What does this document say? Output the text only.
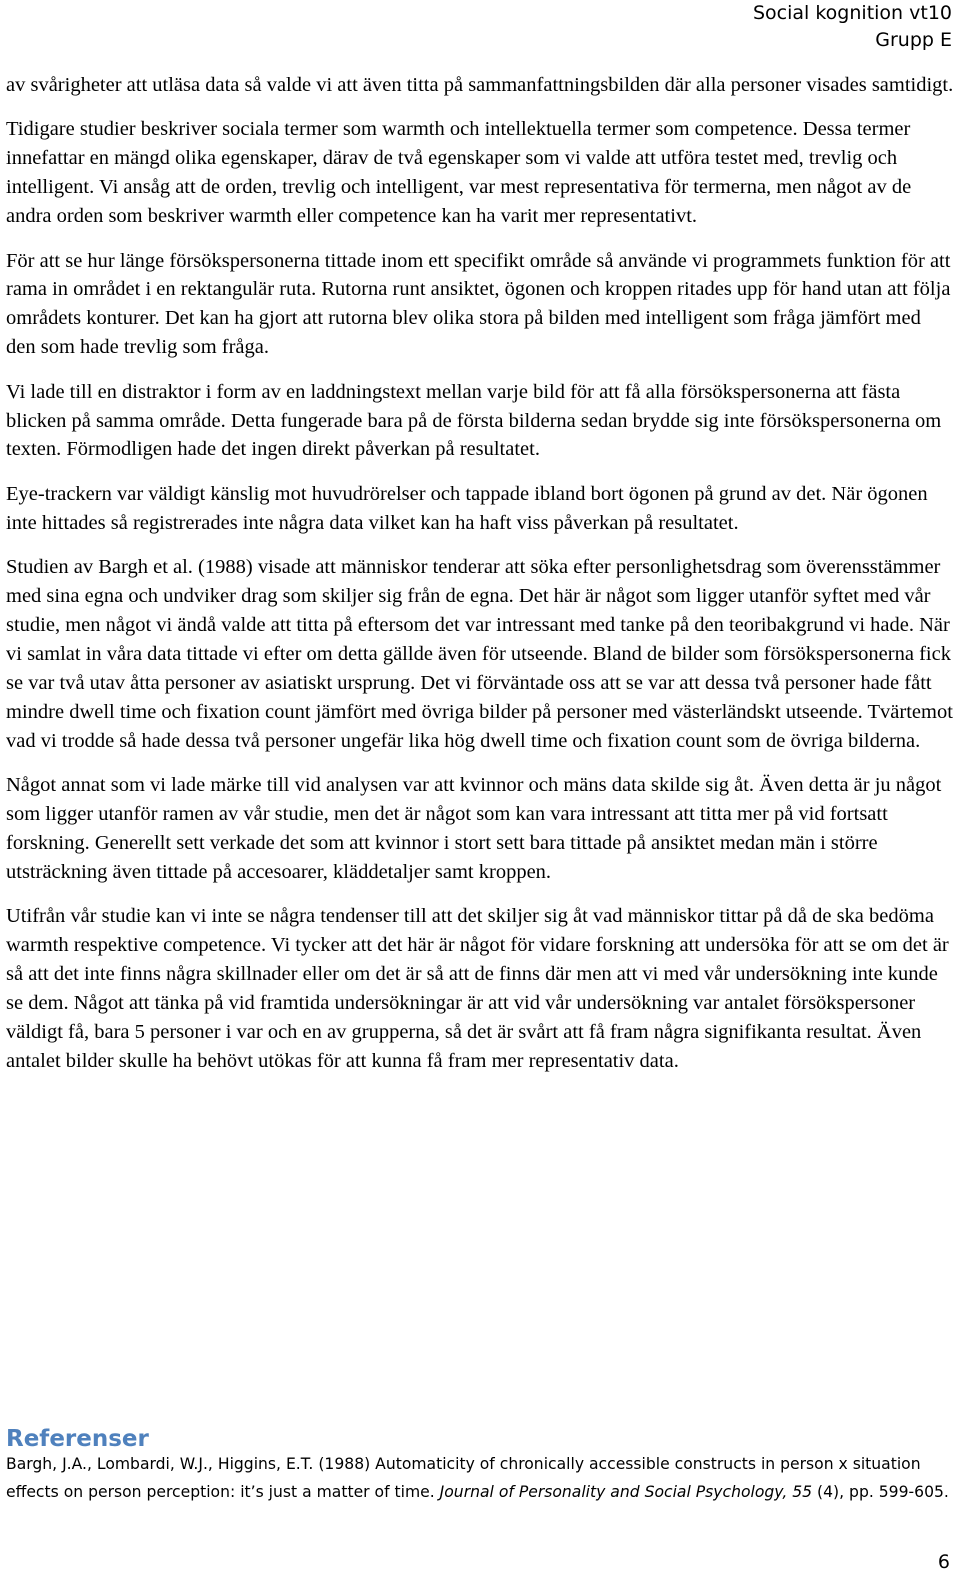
Social kognition vt10
Grupp E

av svårigheter att utläsa data så valde vi att även titta på sammanfattningsbilden där alla personer visades samtidigt.

Tidigare studier beskriver sociala termer som warmth och intellektuella termer som competence. Dessa termer innefattar en mängd olika egenskaper, därav de två egenskaper som vi valde att utföra testet med, trevlig och intelligent. Vi ansåg att de orden, trevlig och intelligent, var mest representativa för termerna, men något av de andra orden som beskriver warmth eller competence kan ha varit mer representativt.

För att se hur länge försökspersonerna tittade inom ett specifikt område så använde vi programmets funktion för att rama in området i en rektangulär ruta. Rutorna runt ansiktet, ögonen och kroppen ritades upp för hand utan att följa områdets konturer. Det kan ha gjort att rutorna blev olika stora på bilden med intelligent som fråga jämfört med den som hade trevlig som fråga.

Vi lade till en distraktor i form av en laddningstext mellan varje bild för att få alla försökspersonerna att fästa blicken på samma område. Detta fungerade bara på de första bilderna sedan brydde sig inte försökspersonerna om texten. Förmodligen hade det ingen direkt påverkan på resultatet.

Eye-trackern var väldigt känslig mot huvudrörelser och tappade ibland bort ögonen på grund av det. När ögonen inte hittades så registrerades inte några data vilket kan ha haft viss påverkan på resultatet.

Studien av Bargh et al. (1988) visade att människor tenderar att söka efter personlighetsdrag som överensstämmer med sina egna och undviker drag som skiljer sig från de egna. Det här är något som ligger utanför syftet med vår studie, men något vi ändå valde att titta på eftersom det var intressant med tanke på den teoribakgrund vi hade. När vi samlat in våra data tittade vi efter om detta gällde även för utseende. Bland de bilder som försökspersonerna fick se var två utav åtta personer av asiatiskt ursprung. Det vi förväntade oss att se var att dessa två personer hade fått mindre dwell time och fixation count jämfört med övriga bilder på personer med västerländskt utseende. Tvärtemot vad vi trodde så hade dessa två personer ungefär lika hög dwell time och fixation count som de övriga bilderna.

Något annat som vi lade märke till vid analysen var att kvinnor och mäns data skilde sig åt. Även detta är ju något som ligger utanför ramen av vår studie, men det är något som kan vara intressant att titta mer på vid fortsatt forskning. Generellt sett verkade det som att kvinnor i stort sett bara tittade på ansiktet medan män i större utsträckning även tittade på accesoarer, kläddetaljer samt kroppen.

Utifrån vår studie kan vi inte se några tendenser till att det skiljer sig åt vad människor tittar på då de ska bedöma warmth respektive competence. Vi tycker att det här är något för vidare forskning att undersöka för att se om det är så att det inte finns några skillnader eller om det är så att de finns där men att vi med vår undersökning inte kunde se dem. Något att tänka på vid framtida undersökningar är att vid vår undersökning var antalet försökspersoner väldigt få, bara 5 personer i var och en av grupperna, så det är svårt att få fram några signifikanta resultat. Även antalet bilder skulle ha behövt utökas för att kunna få fram mer representativ data.

Referenser

Bargh, J.A., Lombardi, W.J., Higgins, E.T. (1988) Automaticity of chronically accessible constructs in person x situation effects on person perception: it’s just a matter of time. Journal of Personality and Social Psychology, 55 (4), pp. 599-605.

6
